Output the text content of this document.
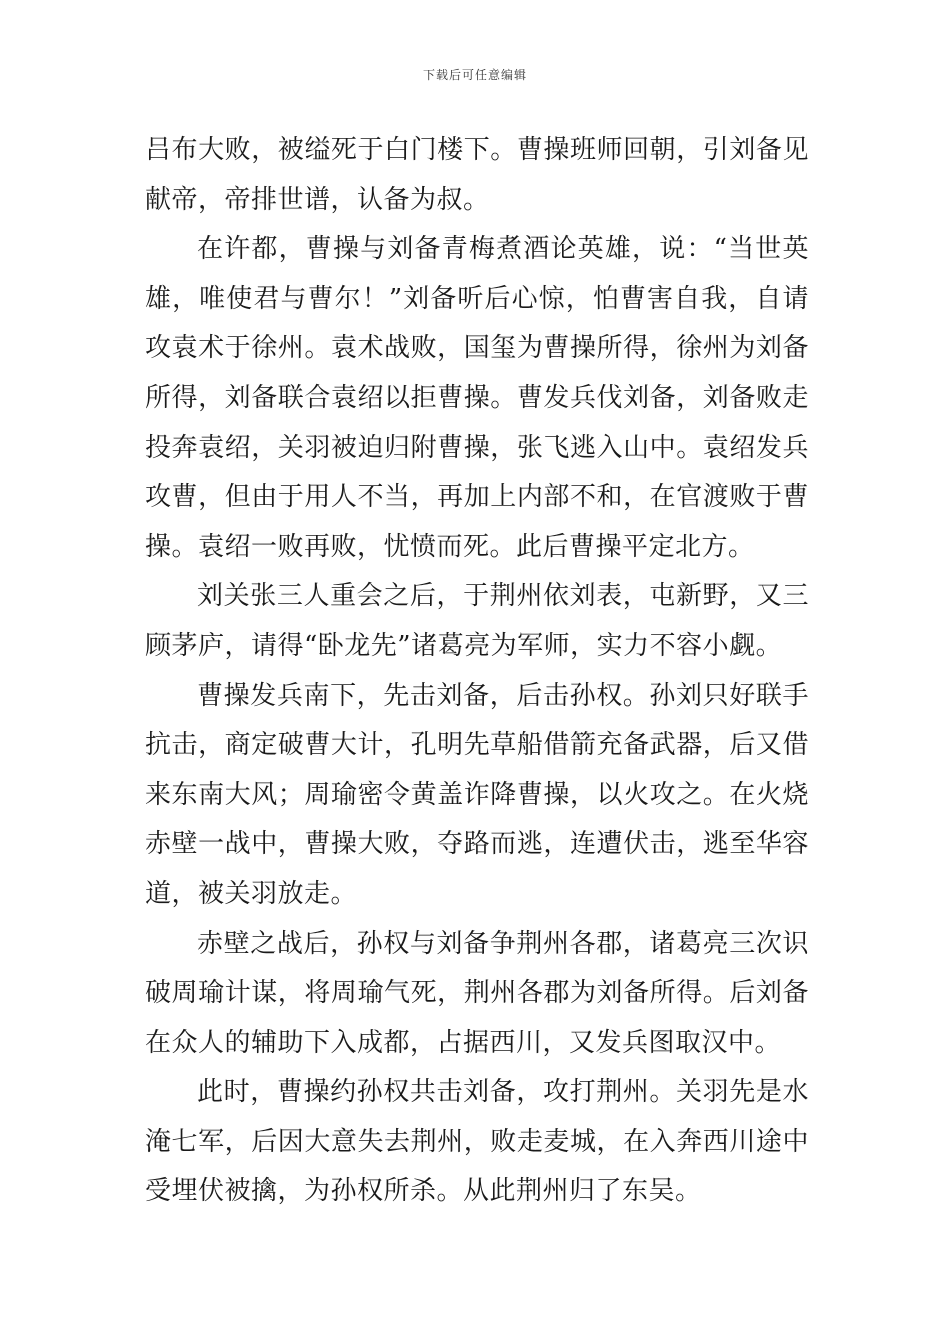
下载后可任意编辑

吕布大败，被缢死于白门楼下。曹操班师回朝，引刘备见献帝，帝排世谱，认备为叔。

在许都，曹操与刘备青梅煮酒论英雄，说：“当世英雄，唯使君与曹尔！”刘备听后心惊，怕曹害自我，自请攻袁术于徐州。袁术战败，国玺为曹操所得，徐州为刘备所得，刘备联合袁绍以拒曹操。曹发兵伐刘备，刘备败走投奔袁绍，关羽被迫归附曹操，张飞逃入山中。袁绍发兵攻曹，但由于用人不当，再加上内部不和，在官渡败于曹操。袁绍一败再败，忧愤而死。此后曹操平定北方。

刘关张三人重会之后，于荆州依刘表，屯新野，又三顾茅庐，请得“卧龙先”诸葛亮为军师，实力不容小觑。

曹操发兵南下，先击刘备，后击孙权。孙刘只好联手抗击，商定破曹大计，孔明先草船借箭充备武器，后又借来东南大风；周瑜密令黄盖诈降曹操，以火攻之。在火烧赤壁一战中，曹操大败，夺路而逃，连遭伏击，逃至华容道，被关羽放走。

赤壁之战后，孙权与刘备争荆州各郡，诸葛亮三次识破周瑜计谋，将周瑜气死，荆州各郡为刘备所得。后刘备在众人的辅助下入成都，占据西川，又发兵图取汉中。

此时，曹操约孙权共击刘备，攻打荆州。关羽先是水淹七军，后因大意失去荆州，败走麦城，在入奔西川途中受埋伏被擒，为孙权所杀。从此荆州归了东吴。
